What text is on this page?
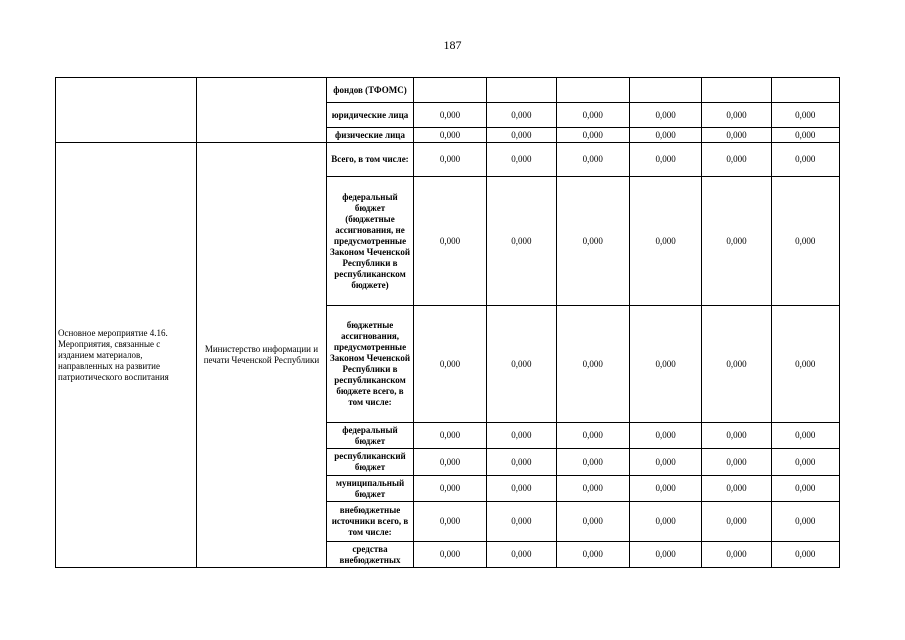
187
		фондов (ТФОМС)						
		юридические лица	0,000	0,000	0,000	0,000	0,000	0,000
		физические лица	0,000	0,000	0,000	0,000	0,000	0,000
Основное мероприятие 4.16. Мероприятия, связанные с изданием материалов, направленных на развитие патриотического воспитания	Министерство информации и печати Чеченской Республики	Всего, в том числе:	0,000	0,000	0,000	0,000	0,000	0,000
		федеральный бюджет (бюджетные ассигнования, не предусмотренные Законом Чеченской Республики в республиканском бюджете)	0,000	0,000	0,000	0,000	0,000	0,000
		бюджетные ассигнования, предусмотренные Законом Чеченской Республики в республиканском бюджете всего, в том числе:	0,000	0,000	0,000	0,000	0,000	0,000
		федеральный бюджет	0,000	0,000	0,000	0,000	0,000	0,000
		республиканский бюджет	0,000	0,000	0,000	0,000	0,000	0,000
		муниципальный бюджет	0,000	0,000	0,000	0,000	0,000	0,000
		внебюджетные источники всего, в том числе:	0,000	0,000	0,000	0,000	0,000	0,000
		средства внебюджетных	0,000	0,000	0,000	0,000	0,000	0,000
